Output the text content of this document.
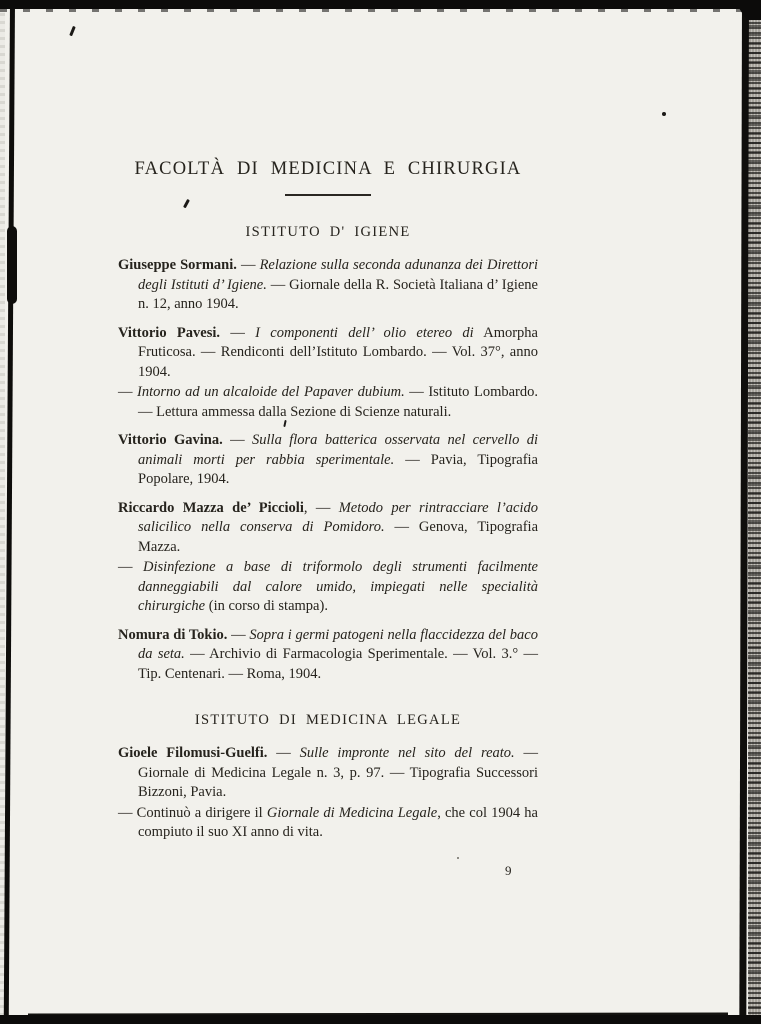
FACOLTÀ DI MEDICINA E CHIRURGIA
ISTITUTO D' IGIENE

Giuseppe Sormani. — Relazione sulla seconda adunanza dei Direttori degli Istituti d’ Igiene. — Giornale della R. Società Italiana d’ Igiene n. 12, anno 1904.

Vittorio Pavesi. — I componenti dell’ olio etereo di Amorpha Fruticosa. — Rendiconti dell’Istituto Lombardo. — Vol. 37°, anno 1904.

— Intorno ad un alcaloide del Papaver dubium. — Istituto Lombardo. — Lettura ammessa dalla Sezione di Scienze naturali.

Vittorio Gavina. — Sulla flora batterica osservata nel cervello di animali morti per rabbia sperimentale. — Pavia, Tipografia Popolare, 1904.

Riccardo Mazza de’ Piccioli, — Metodo per rintracciare l’acido salicilico nella conserva di Pomidoro. — Genova, Tipografia Mazza.

— Disinfezione a base di triformolo degli strumenti facilmente danneggiabili dal calore umido, impiegati nelle specialità chirurgiche (in corso di stampa).

Nomura di Tokio. — Sopra i germi patogeni nella flaccidezza del baco da seta. — Archivio di Farmacologia Sperimentale. — Vol. 3.° — Tip. Centenari. — Roma, 1904.

ISTITUTO DI MEDICINA LEGALE

Gioele Filomusi-Guelfi. — Sulle impronte nel sito del reato. — Giornale di Medicina Legale n. 3, p. 97. — Tipografia Successori Bizzoni, Pavia.

— Continuò a dirigere il Giornale di Medicina Legale, che col 1904 ha compiuto il suo XI anno di vita.

9
